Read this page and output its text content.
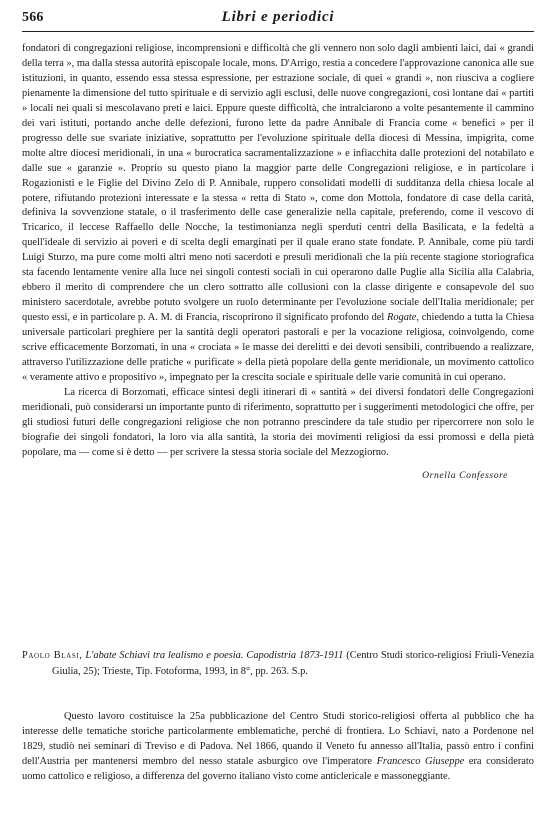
566	Libri e periodici

fondatori di congregazioni religiose, incomprensioni e difficoltà che gli vennero non solo dagli ambienti laici, dai « grandi della terra », ma dalla stessa autorità episcopale locale, mons. D'Arrigo, restia a concedere l'approvazione canonica alle sue istituzioni, in quanto, essendo essa stessa espressione, per estrazione sociale, di quei « grandi », non riusciva a cogliere pienamente la dimensione del tutto spirituale e di servizio agli esclusi, delle nuove congregazioni, così lontane dai « partiti » locali nei quali si mescolavano preti e laici. Eppure queste difficoltà, che intralciarono a volte pesantemente il cammino dei vari istituti, portando anche delle defezioni, furono lette da padre Annibale di Francia come « benefici » per il progresso delle sue svariate iniziative, soprattutto per l'evoluzione spirituale della diocesi di Messina, impigrita, come molte altre diocesi meridionali, in una « burocratica sacramentalizzazione » e infiacchita dalle protezioni del notabilato e dalle sue « garanzie ». Proprio su questo piano la maggior parte delle Congregazioni religiose, e in particolare i Rogazionisti e le Figlie del Divino Zelo di P. Annibale, ruppero consolidati modelli di sudditanza della chiesa locale al potere, rifiutando protezioni interessate e la stessa « retta di Stato », come don Mottola, fondatore di case della carità, definiva la sovvenzione statale, o il trasferimento delle case generalizie nella capitale, preferendo, come il vescovo di Tricarico, il leccese Raffaello delle Nocche, la testimonianza negli sperduti centri della Basilicata, e la fedeltà a quell'ideale di servizio ai poveri e di scelta degli emarginati per il quale erano state fondate. P. Annibale, come più tardi Luigi Sturzo, ma pure come molti altri meno noti sacerdoti e presuli meridionali che la più recente stagione storiografica sta facendo lentamente venire alla luce nei singoli contesti sociali in cui operarono dalle Puglie alla Sicilia alla Calabria, ebbero il merito di comprendere che un clero sottratto alle collusioni con la classe dirigente e consapevole del suo ministero sacerdotale, avrebbe potuto svolgere un ruolo determinante per l'evoluzione sociale dell'Italia meridionale; per questo essi, e in particolare p. A. M. di Francia, riscoprirono il significato profondo del Rogate, chiedendo a tutta la Chiesa universale particolari preghiere per la santità degli operatori pastorali e per la vocazione religiosa, coinvolgendo, come scrive efficacemente Borzomati, in una « crociata » le masse dei derelitti e dei devoti sensibili, contribuendo a realizzare, attraverso l'utilizzazione delle pratiche « purificate » della pietà popolare della gente meridionale, un movimento cattolico « veramente attivo e propositivo », impegnato per la crescita sociale e spirituale delle varie comunità in cui operano.

La ricerca di Borzomati, efficace sintesi degli itinerari di « santità » dei diversi fondatori delle Congregazioni meridionali, può considerarsi un importante punto di riferimento, soprattutto per i suggerimenti metodologici che offre, per gli studiosi futuri delle congregazioni religiose che non potranno prescindere da tale studio per ripercorrere non solo le biografie dei singoli fondatori, la loro via alla santità, la storia dei movimenti religiosi da essi promossi e della pietà popolare, ma — come si è detto — per scrivere la stessa storia sociale del Mezzogiorno.

Ornella Confessore
Paolo Blasi, L'abate Schiavi tra lealismo e poesia. Capodistria 1873-1911 (Centro Studi storico-religiosi Friuli-Venezia Giulia, 25); Trieste, Tip. Fotoforma, 1993, in 8°, pp. 263. S.p.

Questo lavoro costituisce la 25a pubblicazione del Centro Studi storico-religiosi offerta al pubblico che ha interesse delle tematiche storiche particolarmente emblematiche, perché di frontiera. Lo Schiavi, nato a Pordenone nel 1829, studiò nei seminari di Treviso e di Padova. Nel 1866, quando il Veneto fu annesso all'Italia, passò entro i confini dell'Austria per mantenersi membro del nesso statale asburgico ove l'imperatore Francesco Giuseppe era considerato uomo cattolico e religioso, a differenza del governo italiano visto come anticlericale e massoneggiante.
